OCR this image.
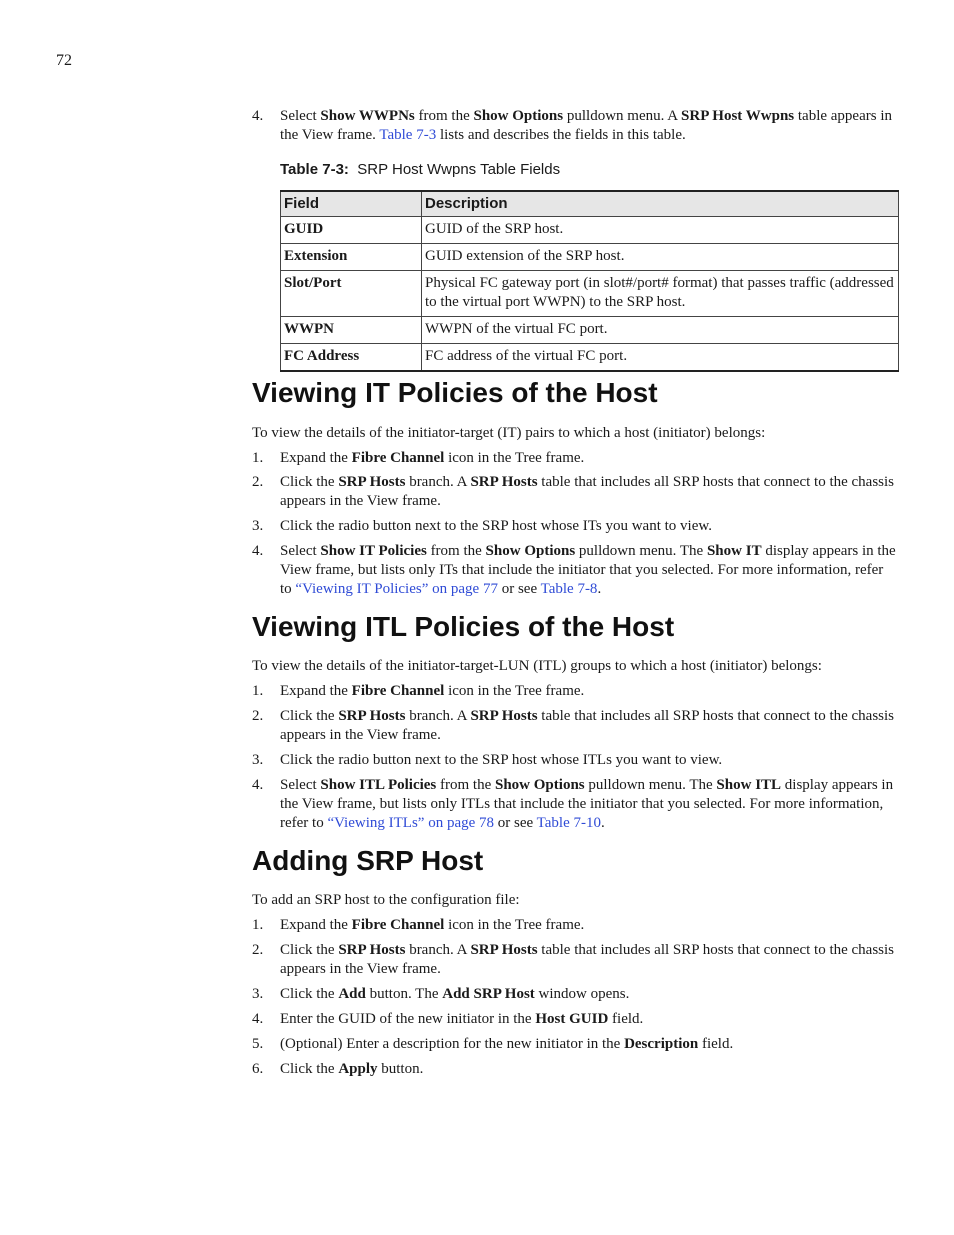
72
4. Select Show WWPNs from the Show Options pulldown menu. A SRP Host Wwpns table appears in the View frame. Table 7-3 lists and describes the fields in this table.
Table 7-3: SRP Host Wwpns Table Fields
Field	Description
GUID	GUID of the SRP host.
Extension	GUID extension of the SRP host.
Slot/Port	Physical FC gateway port (in slot#/port# format) that passes traffic (addressed to the virtual port WWPN) to the SRP host.
WWPN	WWPN of the virtual FC port.
FC Address	FC address of the virtual FC port.
Viewing IT Policies of the Host

To view the details of the initiator-target (IT) pairs to which a host (initiator) belongs:

1. Expand the Fibre Channel icon in the Tree frame.
2. Click the SRP Hosts branch. A SRP Hosts table that includes all SRP hosts that connect to the chassis appears in the View frame.
3. Click the radio button next to the SRP host whose ITs you want to view.
4. Select Show IT Policies from the Show Options pulldown menu. The Show IT display appears in the View frame, but lists only ITs that include the initiator that you selected. For more information, refer to “Viewing IT Policies” on page 77 or see Table 7-8.
Viewing ITL Policies of the Host

To view the details of the initiator-target-LUN (ITL) groups to which a host (initiator) belongs:

1. Expand the Fibre Channel icon in the Tree frame.
2. Click the SRP Hosts branch. A SRP Hosts table that includes all SRP hosts that connect to the chassis appears in the View frame.
3. Click the radio button next to the SRP host whose ITLs you want to view.
4. Select Show ITL Policies from the Show Options pulldown menu. The Show ITL display appears in the View frame, but lists only ITLs that include the initiator that you selected. For more information, refer to “Viewing ITLs” on page 78 or see Table 7-10.
Adding SRP Host

To add an SRP host to the configuration file:

1. Expand the Fibre Channel icon in the Tree frame.
2. Click the SRP Hosts branch. A SRP Hosts table that includes all SRP hosts that connect to the chassis appears in the View frame.
3. Click the Add button. The Add SRP Host window opens.
4. Enter the GUID of the new initiator in the Host GUID field.
5. (Optional) Enter a description for the new initiator in the Description field.
6. Click the Apply button.
